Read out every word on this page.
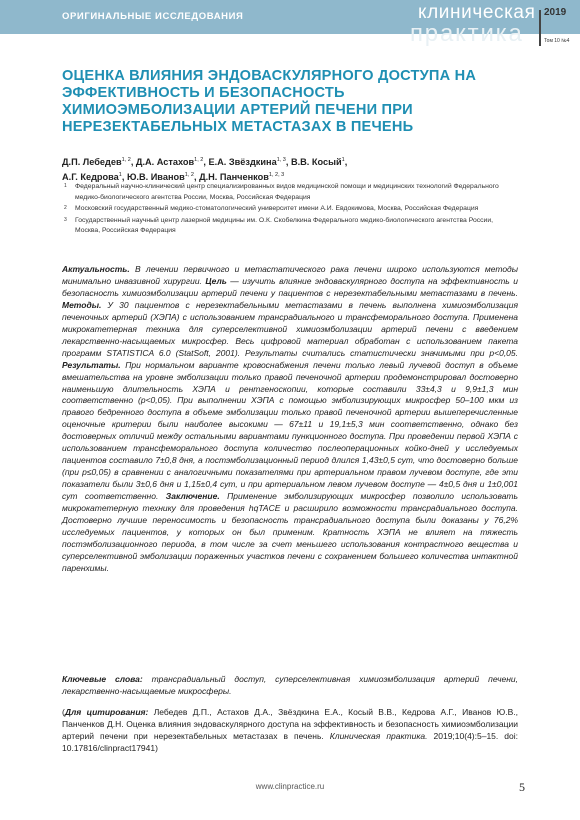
ОРИГИНАЛЬНЫЕ ИССЛЕДОВАНИЯ	клиническая
практика
2019
Том 10 №4
ОЦЕНКА ВЛИЯНИЯ ЭНДОВАСКУЛЯРНОГО ДОСТУПА НА ЭФФЕКТИВНОСТЬ И БЕЗОПАСНОСТЬ ХИМИОЭМБОЛИЗАЦИИ АРТЕРИЙ ПЕЧЕНИ ПРИ НЕРЕЗЕКТАБЕЛЬНЫХ МЕТАСТАЗАХ В ПЕЧЕНЬ
Д.П. Лебедев$^{1, 2}$, Д.А. Астахов$^{1, 2}$, Е.А. Звёздкина$^{1, 3}$, В.В. Косый$^1$,
А.Г. Кедрова$^1$, Ю.В. Иванов$^{1, 2}$, Д.Н. Панченков$^{1, 2, 3}$
1 Федеральный научно-клинический центр специализированных видов медицинской помощи и медицинских технологий Федерального медико-биологического агентства России, Москва, Российская Федерация
2 Московский государственный медико-стоматологический университет имени А.И. Евдокимова, Москва, Российская Федерация
3 Государственный научный центр лазерной медицины им. О.К. Скобелкина Федерального медико-биологического агентства России, Москва, Российская Федерация
Актуальность. В лечении первичного и метастатического рака печени широко используются методы минимально инвазивной хирургии. Цель — изучить влияние эндоваскулярного доступа на эффективность и безопасность химиоэмболизации артерий печени у пациентов с нерезектабельными метастазами в печень. Методы. У 30 пациентов с нерезектабельными метастазами в печень выполнена химиоэмболизация печеночных артерий (ХЭПА) с использованием трансрадиального и трансфеморального доступа. Применена микрокатетерная техника для суперселективной химиоэмболизации артерий печени с введением лекарственно-насыщаемых микросфер. Весь цифровой материал обработан с использованием пакета программ STATISTICA 6.0 (StatSoft, 2001). Результаты считались статистически значимыми при p<0,05. Результаты. При нормальном варианте кровоснабжения печени только левый лучевой доступ в объеме вмешательства на уровне эмболизации только правой печеночной артерии продемонстрировал достоверно наименьшую длительность ХЭПА и рентгеноскопии, которые составили 33±4,3 и 9,9±1,3 мин соответственно (p<0,05). При выполнении ХЭПА с помощью эмболизирующих микросфер 50–100 мкм из правого бедренного доступа в объеме эмболизации только правой печеночной артерии вышеперечисленные оценочные критерии были наиболее высокими — 67±11 и 19,1±5,3 мин соответственно, однако без достоверных отличий между остальными вариантами пункционного доступа. При проведении первой ХЭПА с использованием трансфеморального доступа количество послеоперационных койко-дней у исследуемых пациентов составило 7±0,8 дня, а постэмболизационный период длился 1,43±0,5 сут, что достоверно больше (при p≤0,05) в сравнении с аналогичными показателями при артериальном правом лучевом доступе, где эти показатели были 3±0,6 дня и 1,15±0,4 сут, и при артериальном левом лучевом доступе — 4±0,5 дня и 1±0,001 сут соответственно. Заключение. Применение эмболизирующих микросфер позволило использовать микрокатетерную технику для проведения hqTACE и расширило возможности трансрадиального доступа. Достоверно лучшие переносимость и безопасность трансрадиального доступа были доказаны у 76,2% исследуемых пациентов, у которых он был применим. Кратность ХЭПА не влияет на тяжесть постэмболизационного периода, в том числе за счет меньшего использования контрастного вещества и суперселективной эмболизации пораженных участков печени с сохранением большего количества интактной паренхимы.
Ключевые слова: трансрадиальный доступ, суперселективная химиоэмболизация артерий печени, лекарственно-насыщаемые микросферы.
(Для цитирования: Лебедев Д.П., Астахов Д.А., Звёздкина Е.А., Косый В.В., Кедрова А.Г., Иванов Ю.В., Панченков Д.Н. Оценка влияния эндоваскулярного доступа на эффективность и безопасность химиоэмболизации артерий печени при нерезектабельных метастазах в печень. Клиническая практика. 2019;10(4):5–15. doi: 10.17816/clinpract17941)
www.clinpractice.ru	5
